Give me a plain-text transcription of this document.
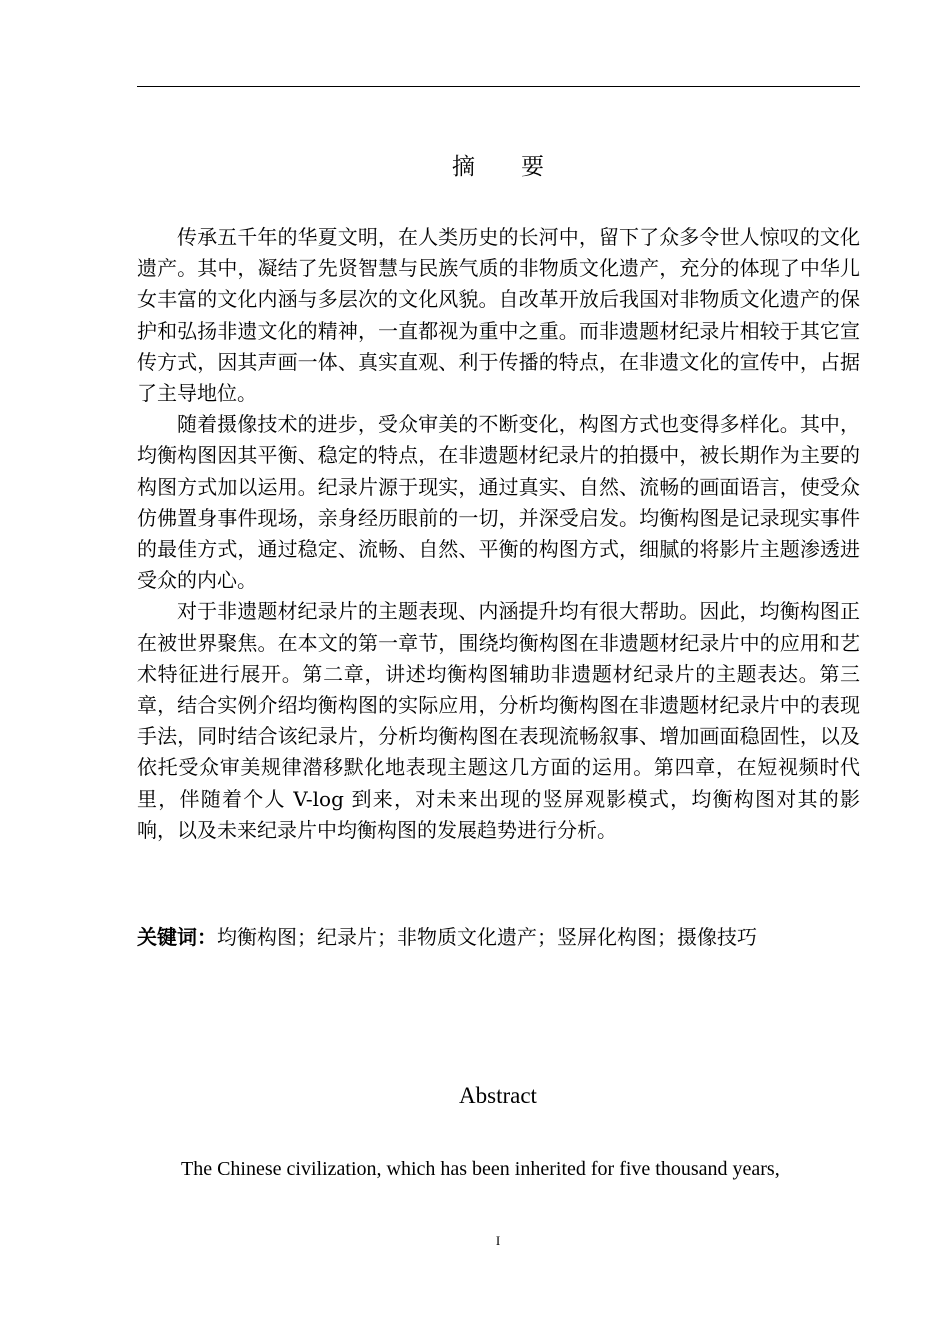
摘 要

传承五千年的华夏文明，在人类历史的长河中，留下了众多令世人惊叹的文化遗产。其中，凝结了先贤智慧与民族气质的非物质文化遗产，充分的体现了中华儿女丰富的文化内涵与多层次的文化风貌。自改革开放后我国对非物质文化遗产的保护和弘扬非遗文化的精神，一直都视为重中之重。而非遗题材纪录片相较于其它宣传方式，因其声画一体、真实直观、利于传播的特点，在非遗文化的宣传中，占据了主导地位。

随着摄像技术的进步，受众审美的不断变化，构图方式也变得多样化。其中，均衡构图因其平衡、稳定的特点，在非遗题材纪录片的拍摄中，被长期作为主要的构图方式加以运用。纪录片源于现实，通过真实、自然、流畅的画面语言，使受众仿佛置身事件现场，亲身经历眼前的一切，并深受启发。均衡构图是记录现实事件的最佳方式，通过稳定、流畅、自然、平衡的构图方式，细腻的将影片主题渗透进受众的内心。

对于非遗题材纪录片的主题表现、内涵提升均有很大帮助。因此，均衡构图正在被世界聚焦。在本文的第一章节，围绕均衡构图在非遗题材纪录片中的应用和艺术特征进行展开。第二章，讲述均衡构图辅助非遗题材纪录片的主题表达。第三章，结合实例介绍均衡构图的实际应用，分析均衡构图在非遗题材纪录片中的表现手法，同时结合该纪录片，分析均衡构图在表现流畅叙事、增加画面稳固性，以及依托受众审美规律潜移默化地表现主题这几方面的运用。第四章，在短视频时代里，伴随着个人 V-log 到来，对未来出现的竖屏观影模式，均衡构图对其的影响，以及未来纪录片中均衡构图的发展趋势进行分析。

关键词：均衡构图；纪录片；非物质文化遗产；竖屏化构图；摄像技巧
Abstract

The Chinese civilization, which has been inherited for five thousand years,

I
